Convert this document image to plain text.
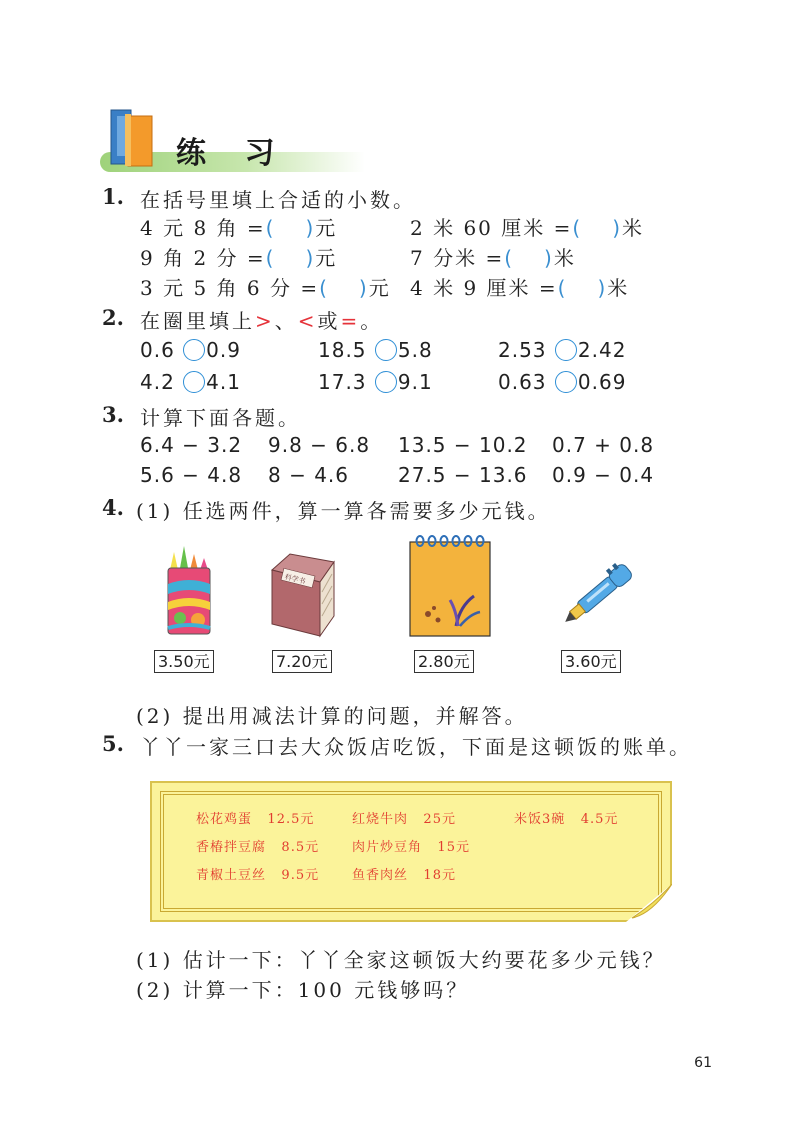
练 习
1. 在括号里填上合适的小数。
4 元 8 角 =( )元	2 米 60 厘米 =( )米
9 角 2 分 =( )元	7 分米 =( )米
3 元 5 角 6 分 =( )元 4 米 9 厘米 =( )米
2. 在圈里填上>、<或=。
0.6 0.9	18.5 5.8	2.53 2.42
4.2 4.1	17.3 9.1	0.63 0.69
3. 计算下面各题。
6.4 − 3.2 9.8 − 6.8 13.5 − 10.2 0.7 + 0.8
5.6 − 4.8 8 − 4.6 27.5 − 13.6 0.9 − 0.4
4. (1) 任选两件，算一算各需要多少元钱。
科学书
3.50元	7.20元	2.80元	3.60元
(2) 提出用减法计算的问题，并解答。
5. 丫丫一家三口去大众饭店吃饭，下面是这顿饭的账单。
松花鸡蛋 12.5元	红烧牛肉 25元	米饭3碗 4.5元
香椿拌豆腐 8.5元	肉片炒豆角 15元
青椒土豆丝 9.5元	鱼香肉丝 18元
(1) 估计一下：丫丫全家这顿饭大约要花多少元钱？
(2) 计算一下：100 元钱够吗？
61
